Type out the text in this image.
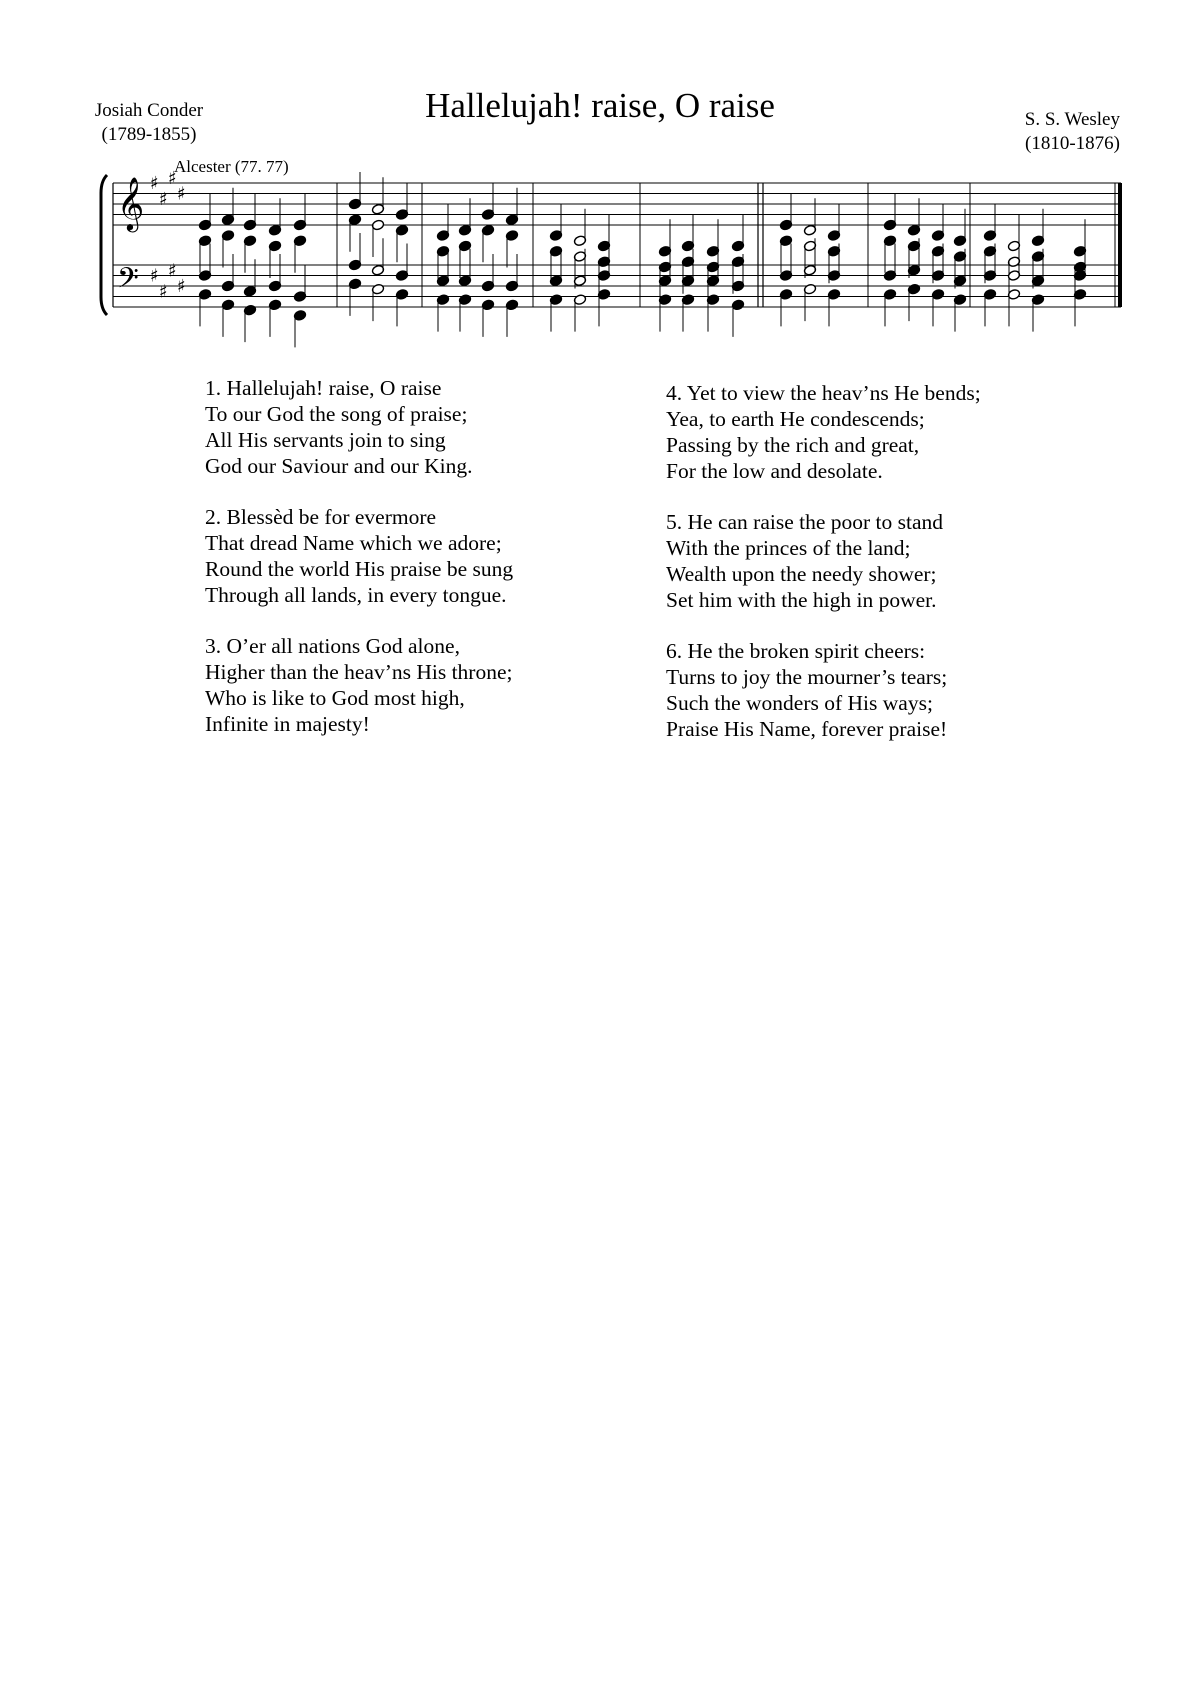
Hallelujah! raise, O raise
Josiah Conder
(1789-1855)
S. S. Wesley
(1810-1876)
Alcester (77. 77)
𝄞
𝄢
♯
♯
♯
♯
♯
♯
♯
♯
1. Hallelujah! raise, O raise
To our God the song of praise;
All His servants join to sing
God our Saviour and our King.
2. Blessèd be for evermore
That dread Name which we adore;
Round the world His praise be sung
Through all lands, in every tongue.
3. O’er all nations God alone,
Higher than the heav’ns His throne;
Who is like to God most high,
Infinite in majesty!
4. Yet to view the heav’ns He bends;
Yea, to earth He condescends;
Passing by the rich and great,
For the low and desolate.
5. He can raise the poor to stand
With the princes of the land;
Wealth upon the needy shower;
Set him with the high in power.
6. He the broken spirit cheers:
Turns to joy the mourner’s tears;
Such the wonders of His ways;
Praise His Name, forever praise!
